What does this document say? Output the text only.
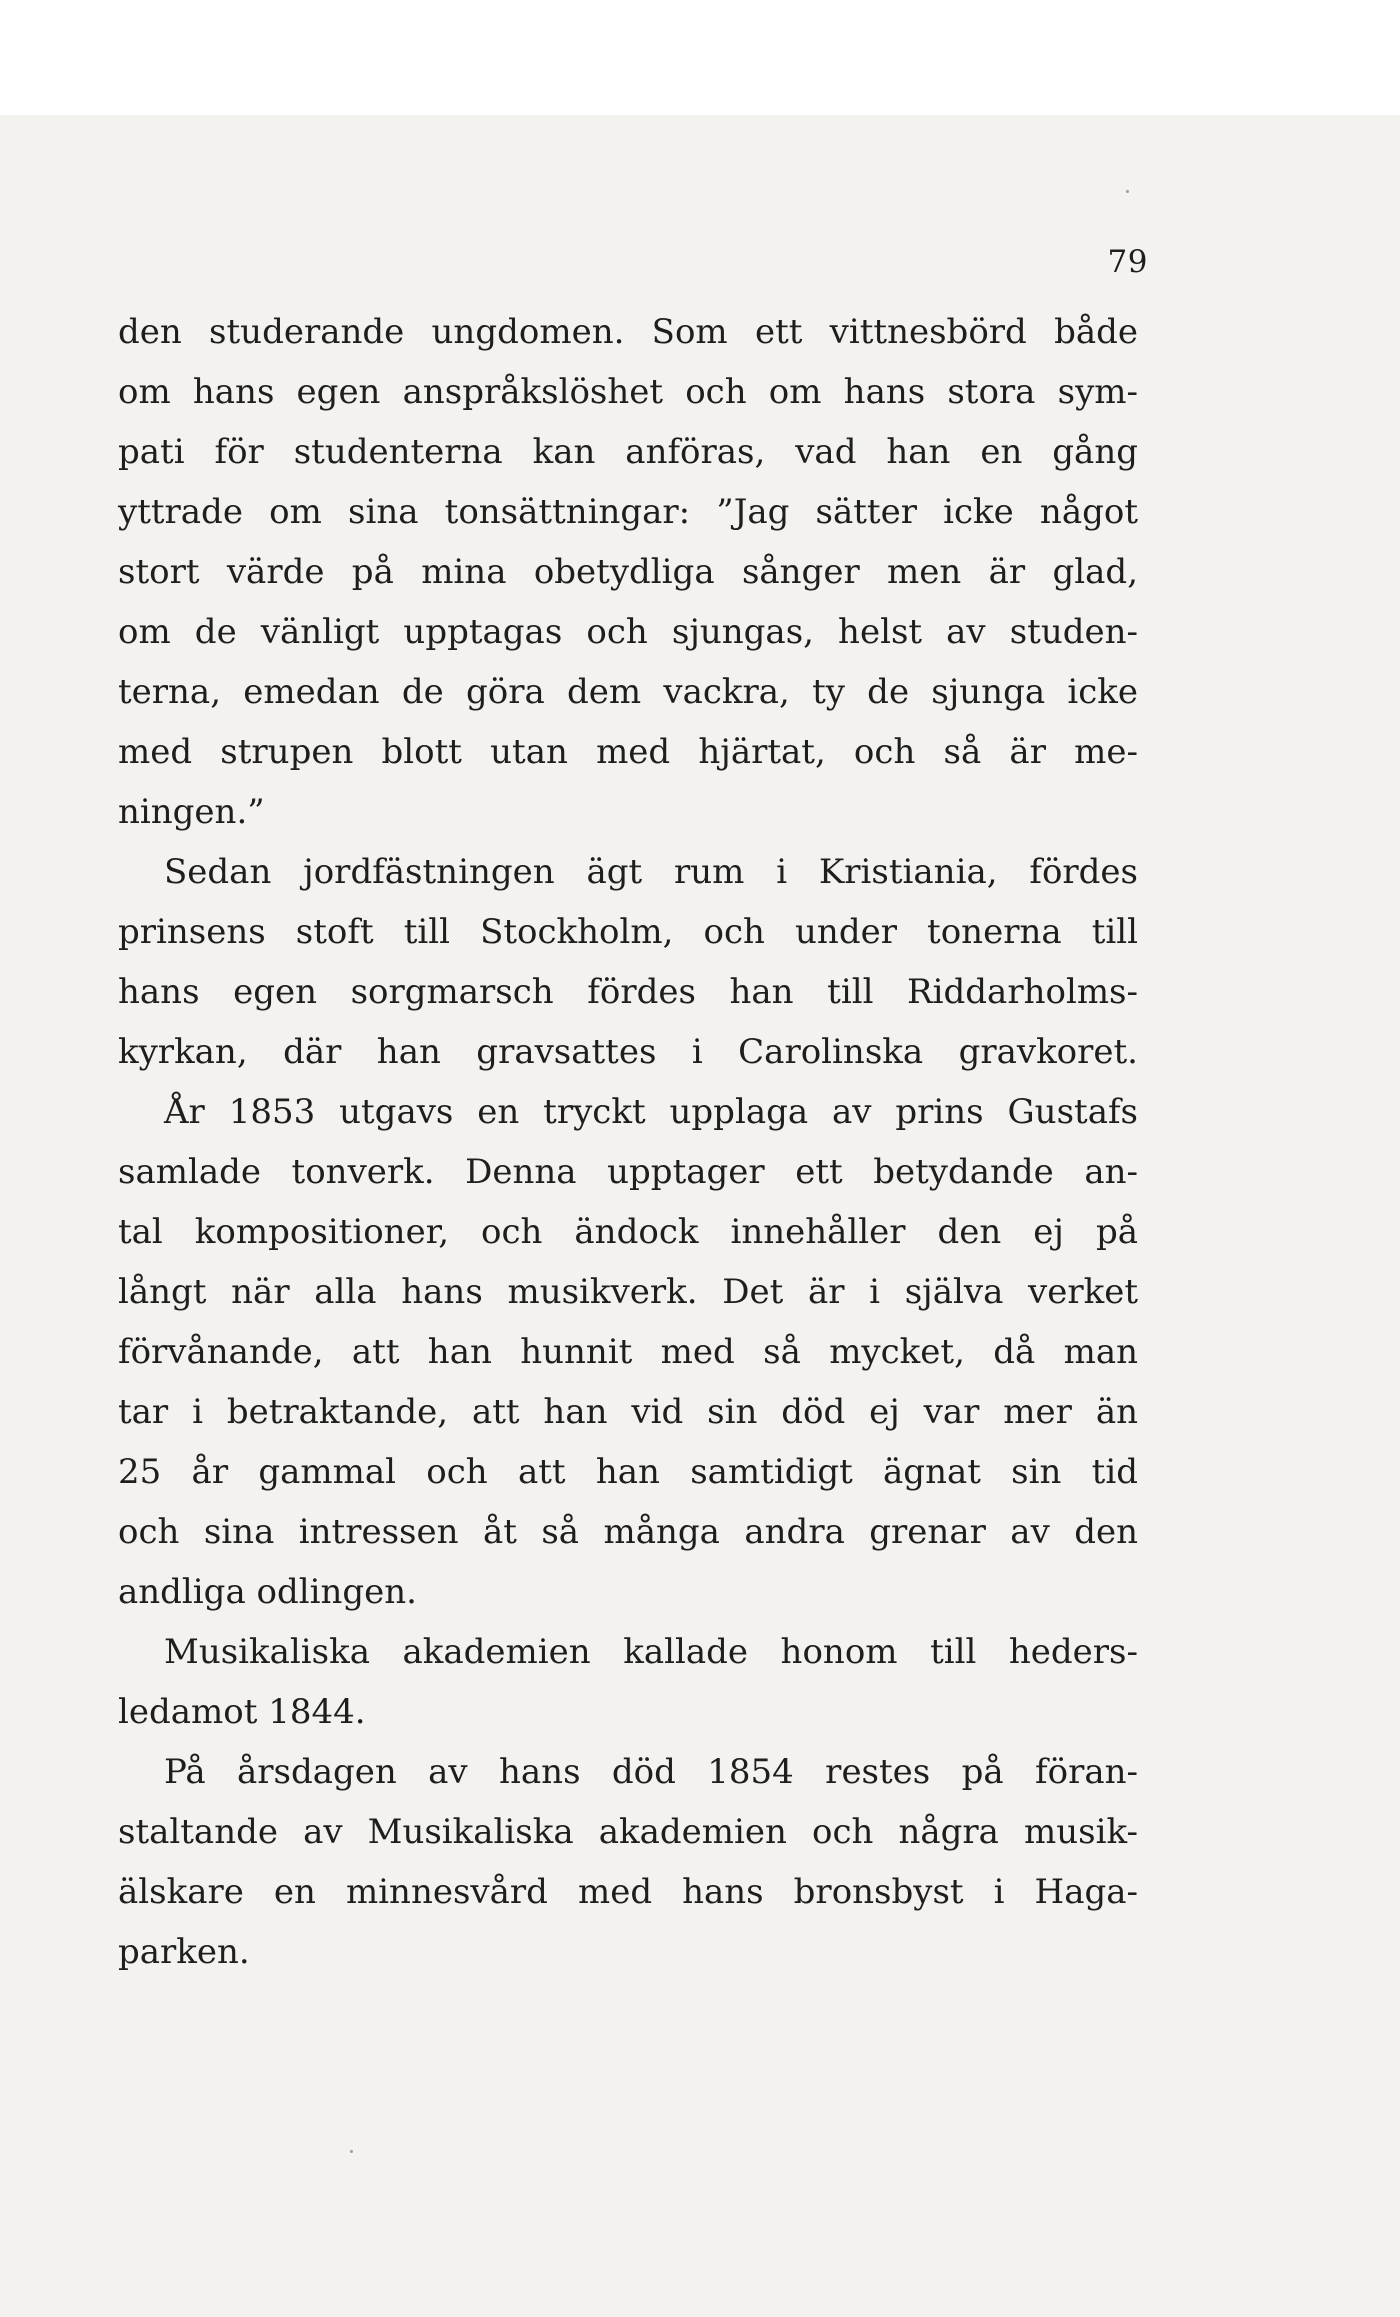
79
den studerande ungdomen. Som ett vittnesbörd både
om hans egen anspråkslöshet och om hans stora sym-
pati för studenterna kan anföras, vad han en gång
yttrade om sina tonsättningar: ”Jag sätter icke något
stort värde på mina obetydliga sånger men är glad,
om de vänligt upptagas och sjungas, helst av studen-
terna, emedan de göra dem vackra, ty de sjunga icke
med strupen blott utan med hjärtat, och så är me-
ningen.”
Sedan jordfästningen ägt rum i Kristiania, fördes
prinsens stoft till Stockholm, och under tonerna till
hans egen sorgmarsch fördes han till Riddarholms-
kyrkan, där han gravsattes i Carolinska gravkoret.
År 1853 utgavs en tryckt upplaga av prins Gustafs
samlade tonverk. Denna upptager ett betydande an-
tal kompositioner, och ändock innehåller den ej på
långt när alla hans musikverk. Det är i själva verket
förvånande, att han hunnit med så mycket, då man
tar i betraktande, att han vid sin död ej var mer än
25 år gammal och att han samtidigt ägnat sin tid
och sina intressen åt så många andra grenar av den
andliga odlingen.
Musikaliska akademien kallade honom till heders-
ledamot 1844.
På årsdagen av hans död 1854 restes på föran-
staltande av Musikaliska akademien och några musik-
älskare en minnesvård med hans bronsbyst i Haga-
parken.
